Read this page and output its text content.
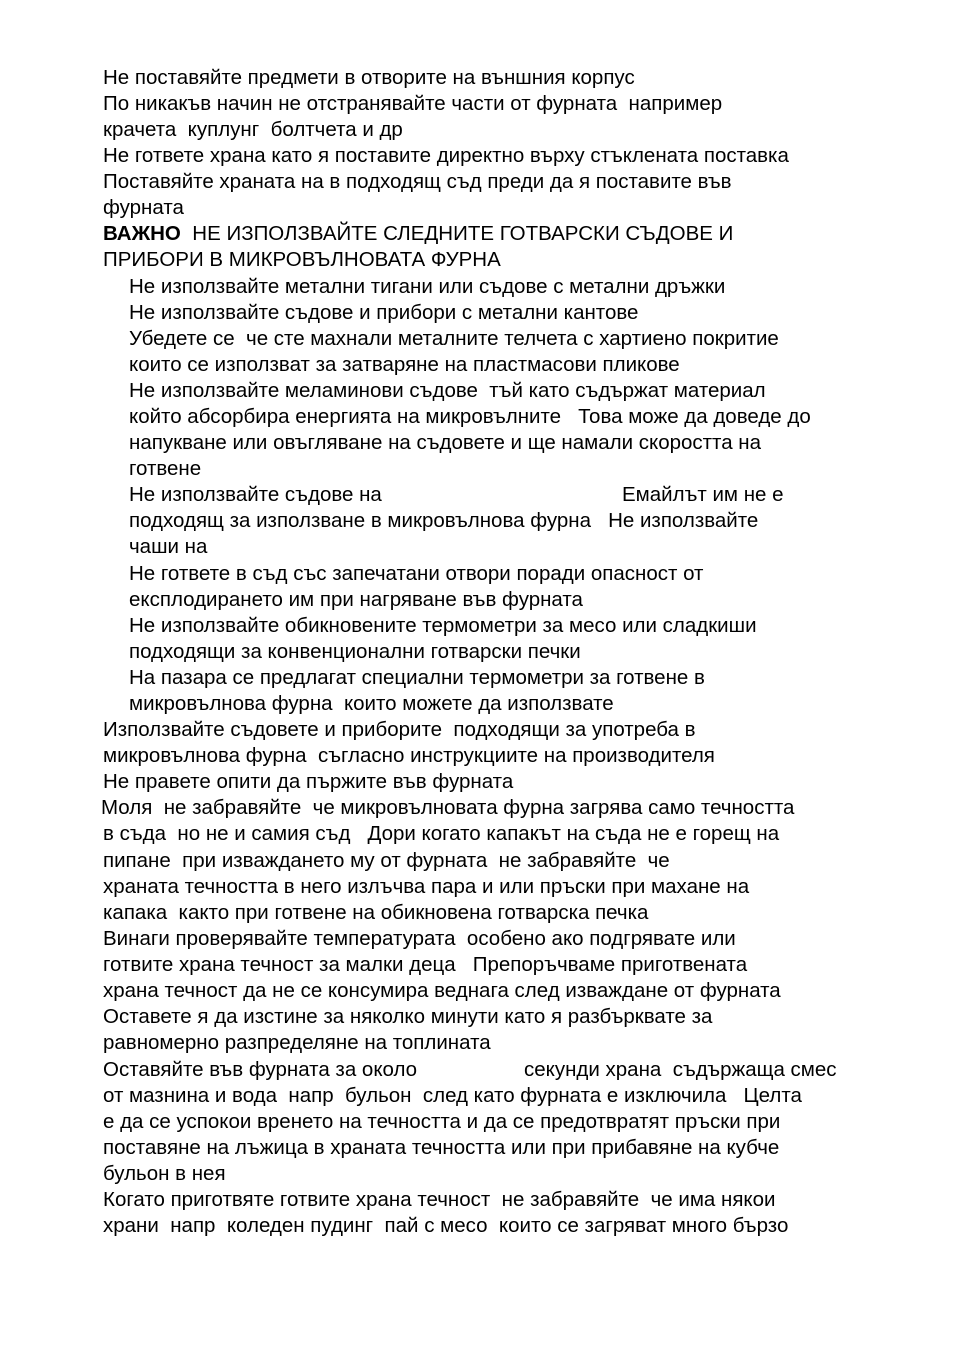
Не поставяйте предмети в отворите на външния корпус
По никакъв начин не отстранявайте части от фурната  например
крачета  куплунг  болтчета и др
Не гответе храна като я поставите директно върху стъклената поставка
Поставяйте храната на в подходящ съд преди да я поставите във
фурната
ВАЖНО НЕ ИЗПОЛЗВАЙТЕ СЛЕДНИТЕ ГОТВАРСКИ СЪДОВЕ И
ПРИБОРИ В МИКРОВЪЛНОВАТА ФУРНА
Не използвайте метални тигани или съдове с метални дръжки
Не използвайте съдове и прибори с метални кантове
Убедете се  че сте махнали металните телчета с хартиено покритие
които се използват за затваряне на пластмасови пликове
Не използвайте меламинови съдове  тъй като съдържат материал
който абсорбира енергията на микровълните   Това може да доведе до
напукване или овъгляване на съдовете и ще намали скоростта на
готвене
Не използвайте съдове на	Емайлът им не е
подходящ за използване в микровълнова фурна   Не използвайте
чаши на
Не гответе в съд със запечатани отвори поради опасност от
експлодирането им при нагряване във фурната
Не използвайте обикновените термометри за месо или сладкиши
подходящи за конвенционални готварски печки
На пазара се предлагат специални термометри за готвене в
микровълнова фурна  които можете да използвате
Използвайте съдовете и приборите  подходящи за употреба в
микровълнова фурна  съгласно инструкциите на производителя
Не правете опити да пържите във фурната
Моля  не забравяйте  че микровълновата фурна загрява само течността
в съда  но не и самия съд   Дори когато капакът на съда не е горещ на
пипане  при изваждането му от фурната  не забравяйте  че
храната течността в него излъчва пара и или пръски при махане на
капака  както при готвене на обикновена готварска печка
Винаги проверявайте температурата  особено ако подгрявате или
готвите храна течност за малки деца   Препоръчваме приготвената
храна течност да не се консумира веднага след изваждане от фурната
Оставете я да изстине за няколко минути като я разбърквате за
равномерно разпределяне на топлината
Оставяйте във фурната за около	секунди храна  съдържаща смес
от мазнина и вода  напр  бульон  след като фурната е изключила   Целта
е да се успокои вренето на течността и да се предотвратят пръски при
поставяне на лъжица в храната течността или при прибавяне на кубче
бульон в нея
Когато приготвяте готвите храна течност  не забравяйте  че има някои
храни  напр  коледен пудинг  пай с месо  които се загряват много бързо
